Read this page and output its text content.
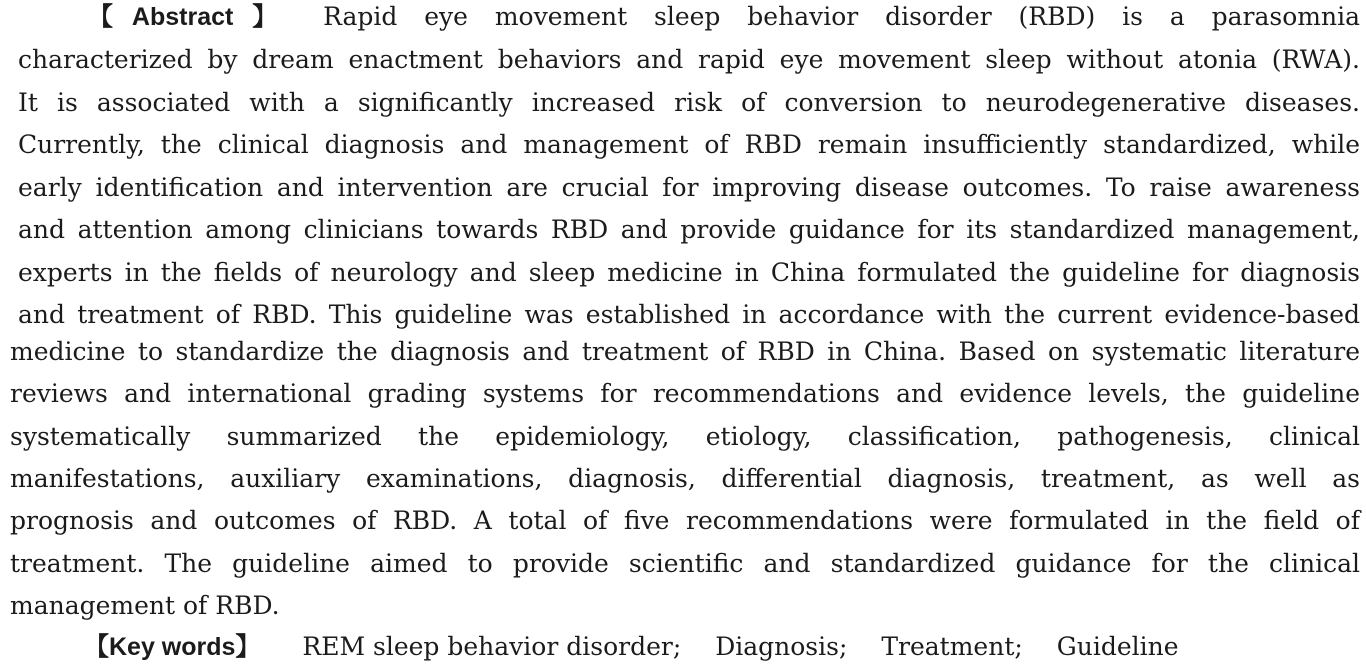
【Abstract】 Rapid eye movement sleep behavior disorder (RBD) is a parasomnia
characterized by dream enactment behaviors and rapid eye movement sleep without atonia (RWA).
It is associated with a significantly increased risk of conversion to neurodegenerative diseases.
Currently, the clinical diagnosis and management of RBD remain insufficiently standardized, while
early identification and intervention are crucial for improving disease outcomes. To raise awareness
and attention among clinicians towards RBD and provide guidance for its standardized management,
experts in the fields of neurology and sleep medicine in China formulated the guideline for diagnosis
and treatment of RBD. This guideline was established in accordance with the current evidence-based
medicine to standardize the diagnosis and treatment of RBD in China. Based on systematic literature
reviews and international grading systems for recommendations and evidence levels, the guideline
systematically summarized the epidemiology, etiology, classification, pathogenesis, clinical
manifestations, auxiliary examinations, diagnosis, differential diagnosis, treatment, as well as
prognosis and outcomes of RBD. A total of five recommendations were formulated in the field of
treatment. The guideline aimed to provide scientific and standardized guidance for the clinical
management of RBD.
【Key words】 REM sleep behavior disorder; Diagnosis; Treatment; Guideline
